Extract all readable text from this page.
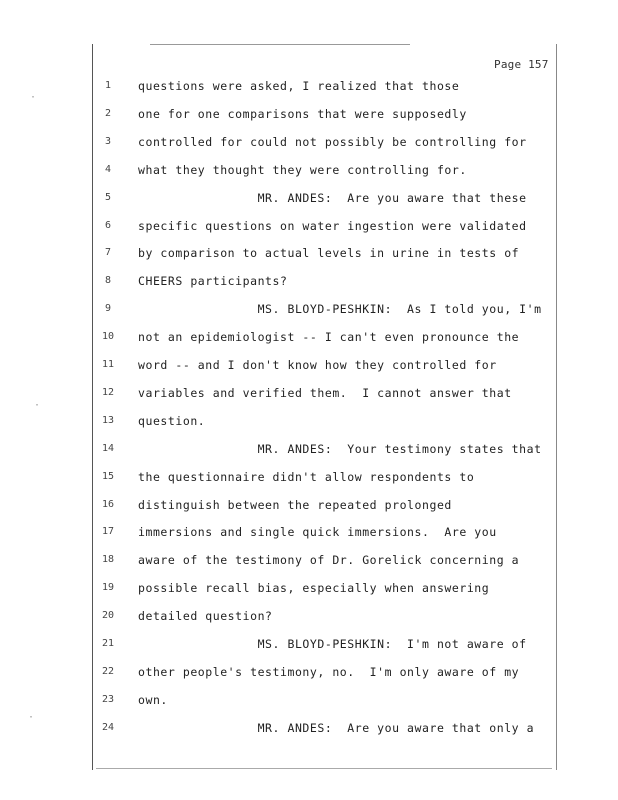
·
·
·
Page 157
1	questions were asked, I realized that those
2	one for one comparisons that were supposedly
3	controlled for could not possibly be controlling for
4	what they thought they were controlling for.
5	MR. ANDES:  Are you aware that these
6	specific questions on water ingestion were validated
7	by comparison to actual levels in urine in tests of
8	CHEERS participants?
9	MS. BLOYD-PESHKIN:  As I told you, I'm
10 not an epidemiologist -- I can't even pronounce the
11 word -- and I don't know how they controlled for
12 variables and verified them.  I cannot answer that
13 question.
14 MR. ANDES:  Your testimony states that
15 the questionnaire didn't allow respondents to
16 distinguish between the repeated prolonged
17 immersions and single quick immersions.  Are you
18 aware of the testimony of Dr. Gorelick concerning a
19 possible recall bias, especially when answering
20 detailed question?
21 MS. BLOYD-PESHKIN:  I'm not aware of
22 other people's testimony, no.  I'm only aware of my
23 own.
24 MR. ANDES:  Are you aware that only a
